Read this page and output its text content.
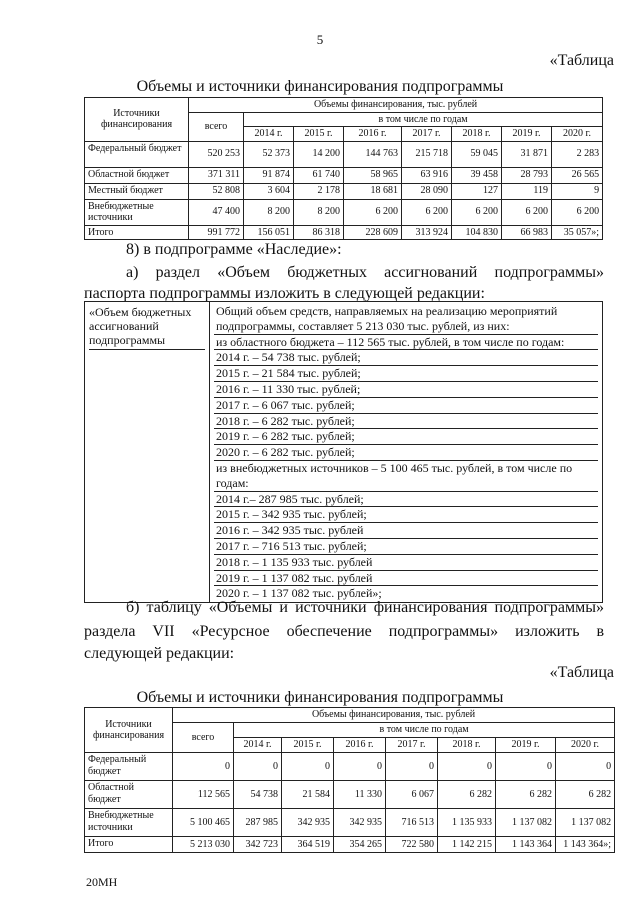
5
«Таблица
Объемы и источники финансирования подпрограммы
Источники финансирования	Объемы финансирования, тыс. рублей							
	всего	в том числе по годам						
		2014 г.	2015 г.	2016 г.	2017 г.	2018 г.	2019 г.	2020 г.
Федеральный бюджет	520 253	52 373	14 200	144 763	215 718	59 045	31 871	2 283
Областной бюджет	371 311	91 874	61 740	58 965	63 916	39 458	28 793	26 565
Местный бюджет	52 808	3 604	2 178	18 681	28 090	127	119	9
Внебюджетные источники	47 400	8 200	8 200	6 200	6 200	6 200	6 200	6 200
Итого	991 772	156 051	86 318	228 609	313 924	104 830	66 983	35 057»;
8) в подпрограмме «Наследие»:
а) раздел «Объем бюджетных ассигнований подпрограммы»
паспорта подпрограммы изложить в следующей редакции:
«Объем бюджетных ассигнований подпрограммы
Общий объем средств, направляемых на реализацию мероприятий подпрограммы, составляет 5 213 030 тыс. рублей, из них:
из областного бюджета – 112 565 тыс. рублей, в том числе по годам:
2014 г. – 54 738 тыс. рублей;
2015 г. – 21 584 тыс. рублей;
2016 г. – 11 330 тыс. рублей;
2017 г. – 6 067 тыс. рублей;
2018 г. – 6 282 тыс. рублей;
2019 г. – 6 282 тыс. рублей;
2020 г. – 6 282 тыс. рублей;
из внебюджетных источников – 5 100 465 тыс. рублей, в том числе по годам:
2014 г.– 287 985 тыс. рублей;
2015 г. – 342 935 тыс. рублей;
2016 г. – 342 935 тыс. рублей
2017 г. – 716 513 тыс. рублей;
2018 г. – 1 135 933 тыс. рублей
2019 г. – 1 137 082 тыс. рублей
2020 г. – 1 137 082 тыс. рублей»;
б) таблицу «Объемы и источники финансирования подпрограммы»
раздела VII «Ресурсное обеспечение подпрограммы» изложить в
следующей редакции:
«Таблица
Объемы и источники финансирования подпрограммы
Источники финансирования	Объемы финансирования, тыс. рублей							
	всего	в том числе по годам						
		2014 г.	2015 г.	2016 г.	2017 г.	2018 г.	2019 г.	2020 г.
Федеральный бюджет	0	0	0	0	0	0	0	0
Областной бюджет	112 565	54 738	21 584	11 330	6 067	6 282	6 282	6 282
Внебюджетные источники	5 100 465	287 985	342 935	342 935	716 513	1 135 933	1 137 082	1 137 082
Итого	5 213 030	342 723	364 519	354 265	722 580	1 142 215	1 143 364	1 143 364»;
20МН
